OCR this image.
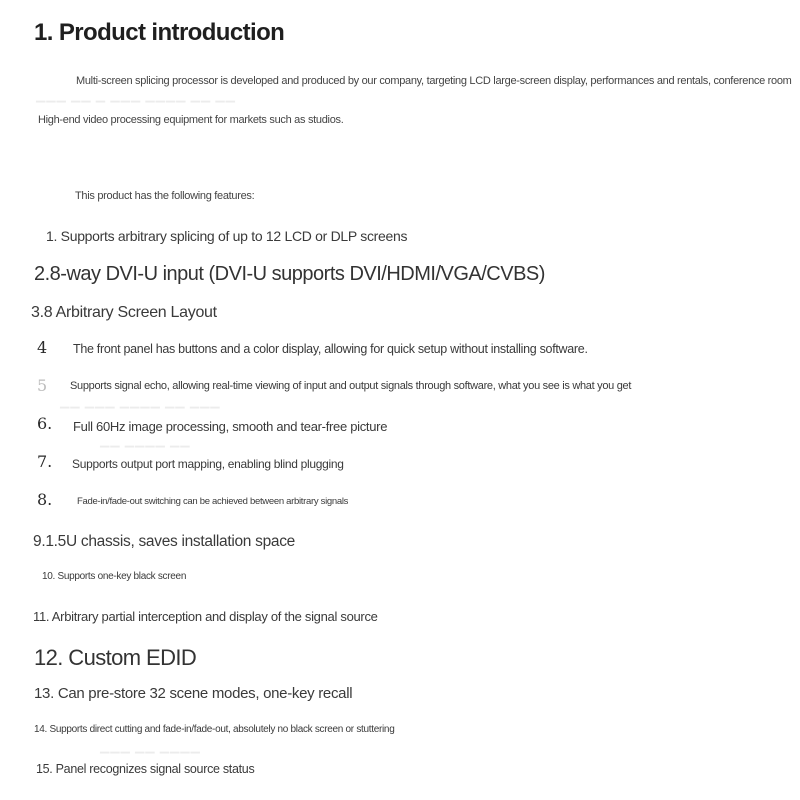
▔▔▔ ▔▔ ▔ ▔▔▔ ▔▔▔▔ ▔▔ ▔▔
▔▔ ▔▔▔ ▔▔▔▔ ▔▔ ▔▔▔
▔▔ ▔▔▔▔ ▔▔
▔▔▔ ▔▔ ▔▔▔▔
1. Product introduction

Multi-screen splicing processor is developed and produced by our company, targeting LCD large-screen display, performances and rentals, conference room

High-end video processing equipment for markets such as studios.

This product has the following features:

1. Supports arbitrary splicing of up to 12 LCD or DLP screens
2.8-way DVI-U input (DVI-U supports DVI/HDMI/VGA/CVBS)
3.8 Arbitrary Screen Layout
4 The front panel has buttons and a color display, allowing for quick setup without installing software.
5 Supports signal echo, allowing real-time viewing of input and output signals through software, what you see is what you get
6. Full 60Hz image processing, smooth and tear-free picture
7. Supports output port mapping, enabling blind plugging
8.	Fade-in/fade-out switching can be achieved between arbitrary signals
9.1.5U chassis, saves installation space
10. Supports one-key black screen
11. Arbitrary partial interception and display of the signal source
12. Custom EDID
13. Can pre-store 32 scene modes, one-key recall
14. Supports direct cutting and fade-in/fade-out, absolutely no black screen or stuttering
15. Panel recognizes signal source status
